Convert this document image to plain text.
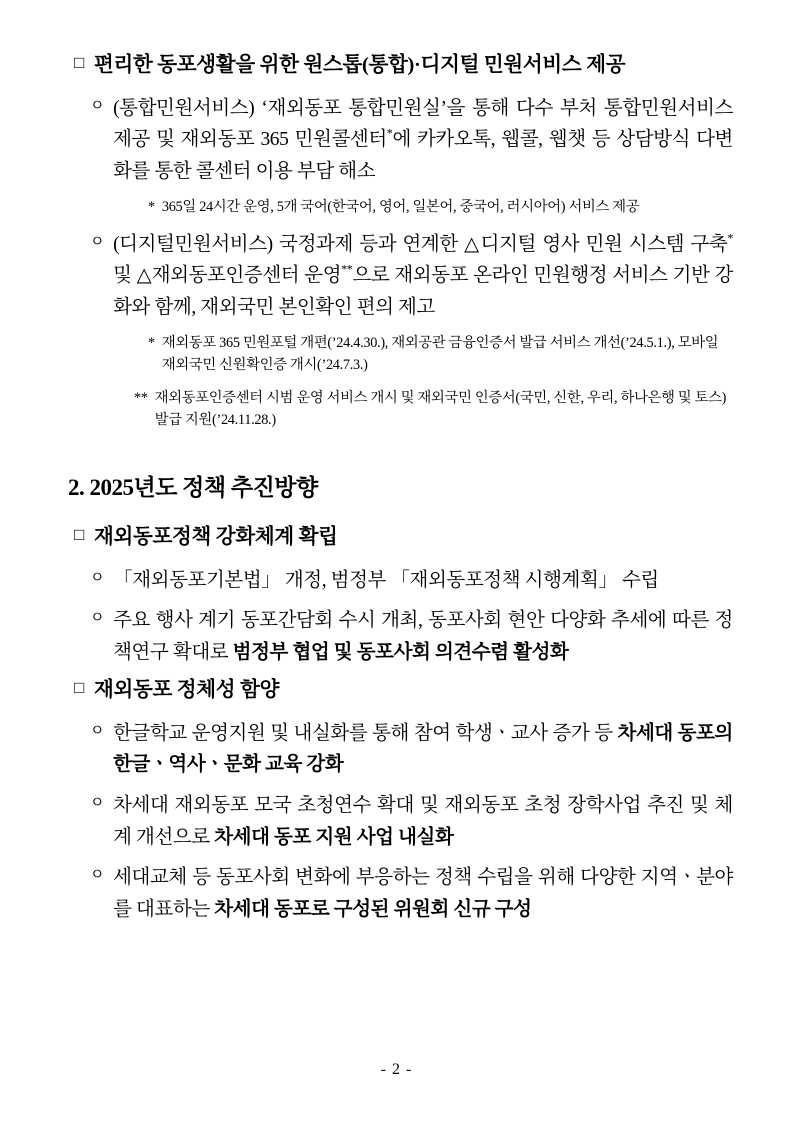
□ 편리한 동포생활을 위한 원스톱(통합)·디지털 민원서비스 제공
ㅇ (통합민원서비스) ‘재외동포 통합민원실’을 통해 다수 부처 통합민원서비스 제공 및 재외동포 365 민원콜센터*에 카카오톡, 웹콜, 웹챗 등 상담방식 다변화를 통한 콜센터 이용 부담 해소
* 365일 24시간 운영, 5개 국어(한국어, 영어, 일본어, 중국어, 러시아어) 서비스 제공
ㅇ (디지털민원서비스) 국정과제 등과 연계한 △디지털 영사 민원 시스템 구축* 및 △재외동포인증센터 운영**으로 재외동포 온라인 민원행정 서비스 기반 강화와 함께, 재외국민 본인확인 편의 제고
* 재외동포 365 민원포털 개편(’24.4.30.), 재외공관 금융인증서 발급 서비스 개선(’24.5.1.), 모바일 재외국민 신원확인증 개시(’24.7.3.)
** 재외동포인증센터 시범 운영 서비스 개시 및 재외국민 인증서(국민, 신한, 우리, 하나은행 및 토스) 발급 지원(’24.11.28.)
2. 2025년도 정책 추진방향
□ 재외동포정책 강화체계 확립
ㅇ 「재외동포기본법」 개정, 범정부 「재외동포정책 시행계획」 수립
ㅇ 주요 행사 계기 동포간담회 수시 개최, 동포사회 현안 다양화 추세에 따른 정책연구 확대로 범정부 협업 및 동포사회 의견수렴 활성화
□ 재외동포 정체성 함양
ㅇ 한글학교 운영지원 및 내실화를 통해 참여 학생ㆍ교사 증가 등 차세대 동포의 한글ㆍ역사ㆍ문화 교육 강화
ㅇ 차세대 재외동포 모국 초청연수 확대 및 재외동포 초청 장학사업 추진 및 체계 개선으로 차세대 동포 지원 사업 내실화
ㅇ 세대교체 등 동포사회 변화에 부응하는 정책 수립을 위해 다양한 지역ㆍ분야를 대표하는 차세대 동포로 구성된 위원회 신규 구성
- 2 -
